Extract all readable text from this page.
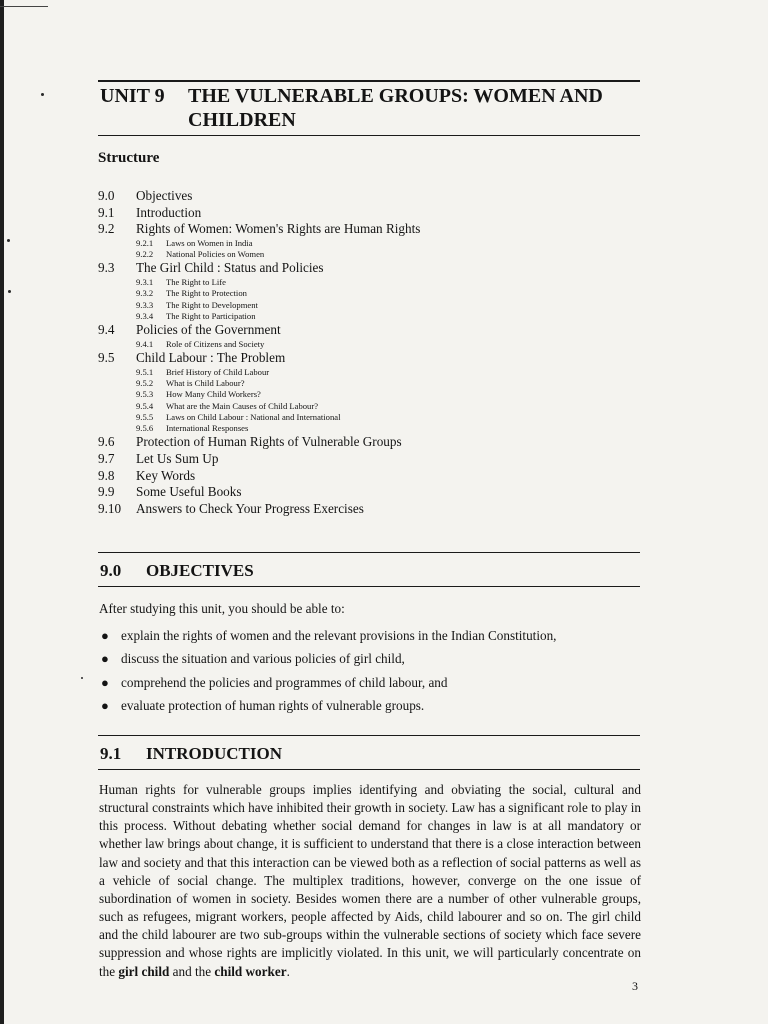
UNIT 9 THE VULNERABLE GROUPS: WOMEN AND CHILDREN
Structure
9.0 Objectives
9.1 Introduction
9.2 Rights of Women: Women's Rights are Human Rights
9.2.1 Laws on Women in India
9.2.2 National Policies on Women
9.3 The Girl Child : Status and Policies
9.3.1 The Right to Life
9.3.2 The Right to Protection
9.3.3 The Right to Development
9.3.4 The Right to Participation
9.4 Policies of the Government
9.4.1 Role of Citizens and Society
9.5 Child Labour : The Problem
9.5.1 Brief History of Child Labour
9.5.2 What is Child Labour?
9.5.3 How Many Child Workers?
9.5.4 What are the Main Causes of Child Labour?
9.5.5 Laws on Child Labour : National and International
9.5.6 International Responses
9.6 Protection of Human Rights of Vulnerable Groups
9.7 Let Us Sum Up
9.8 Key Words
9.9 Some Useful Books
9.10 Answers to Check Your Progress Exercises
9.0 OBJECTIVES
After studying this unit, you should be able to:
● explain the rights of women and the relevant provisions in the Indian Constitution,
● discuss the situation and various policies of girl child,
● comprehend the policies and programmes of child labour, and
● evaluate protection of human rights of vulnerable groups.
9.1 INTRODUCTION
Human rights for vulnerable groups implies identifying and obviating the social, cultural and structural constraints which have inhibited their growth in society. Law has a significant role to play in this process. Without debating whether social demand for changes in law is at all mandatory or whether law brings about change, it is sufficient to understand that there is a close interaction between law and society and that this interaction can be viewed both as a reflection of social patterns as well as a vehicle of social change. The multiplex traditions, however, converge on the one issue of subordination of women in society. Besides women there are a number of other vulnerable groups, such as refugees, migrant workers, people affected by Aids, child labourer and so on. The girl child and the child labourer are two sub-groups within the vulnerable sections of society which face severe suppression and whose rights are implicitly violated. In this unit, we will particularly concentrate on the girl child and the child worker.
3
